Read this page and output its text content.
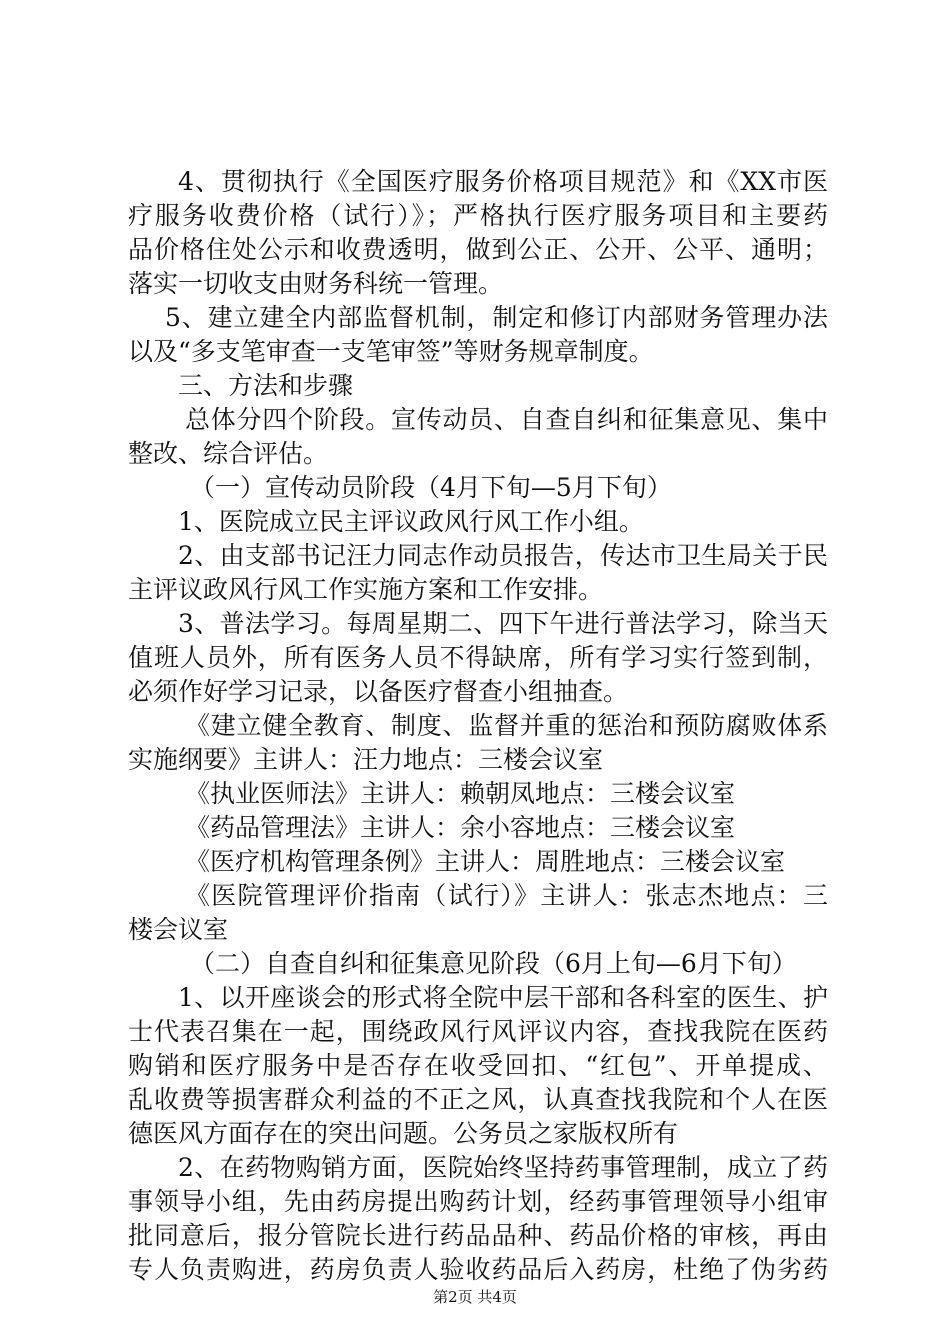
4、贯彻执行《全国医疗服务价格项目规范》和《XX市医
疗服务收费价格（试行）》；严格执行医疗服务项目和主要药
品价格住处公示和收费透明，做到公正、公开、公平、通明；
落实一切收支由财务科统一管理。
5、建立建全内部监督机制，制定和修订内部财务管理办法
以及“多支笔审查一支笔审签”等财务规章制度。
三、方法和步骤
总体分四个阶段。宣传动员、自查自纠和征集意见、集中
整改、综合评估。
（一）宣传动员阶段（4月下旬—5月下旬）
1、医院成立民主评议政风行风工作小组。
2、由支部书记汪力同志作动员报告，传达市卫生局关于民
主评议政风行风工作实施方案和工作安排。
3、普法学习。每周星期二、四下午进行普法学习，除当天
值班人员外，所有医务人员不得缺席，所有学习实行签到制，
必须作好学习记录，以备医疗督查小组抽查。
《建立健全教育、制度、监督并重的惩治和预防腐败体系
实施纲要》主讲人：汪力地点：三楼会议室
《执业医师法》主讲人：赖朝凤地点：三楼会议室
《药品管理法》主讲人：余小容地点：三楼会议室
《医疗机构管理条例》主讲人：周胜地点：三楼会议室
《医院管理评价指南（试行）》主讲人：张志杰地点：三
楼会议室
（二）自查自纠和征集意见阶段（6月上旬—6月下旬）
1、以开座谈会的形式将全院中层干部和各科室的医生、护
士代表召集在一起，围绕政风行风评议内容，查找我院在医药
购销和医疗服务中是否存在收受回扣、“红包”、开单提成、
乱收费等损害群众利益的不正之风，认真查找我院和个人在医
德医风方面存在的突出问题。公务员之家版权所有
2、在药物购销方面，医院始终坚持药事管理制，成立了药
事领导小组，先由药房提出购药计划，经药事管理领导小组审
批同意后，报分管院长进行药品品种、药品价格的审核，再由
专人负责购进，药房负责人验收药品后入药房，杜绝了伪劣药
第2页 共4页
